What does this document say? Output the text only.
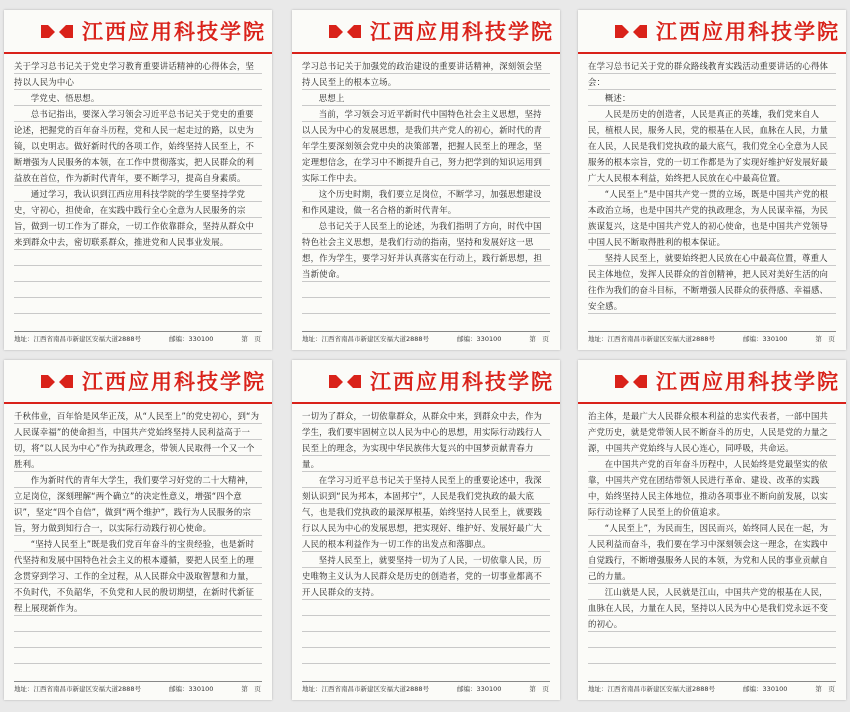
江西应用科技学院

关于学习总书记关于党史学习教育重要讲话精神的心得体会，坚持以人民为中心

学党史、悟思想。

总书记指出，要深入学习领会习近平总书记关于党史的重要论述，把握党的百年奋斗历程，党和人民一起走过的路，以史为镜，以史明志。做好新时代的各项工作，始终坚持人民至上，不断增强为人民服务的本领，在工作中贯彻落实，把人民群众的利益放在首位，作为新时代青年，要不断学习，提高自身素质。

通过学习，我认识到江西应用科技学院的学生要坚持学党史，守初心，担使命，在实践中践行全心全意为人民服务的宗旨，做到一切工作为了群众，一切工作依靠群众，坚持从群众中来到群众中去，密切联系群众，推进党和人民事业发展。

地址：江西省南昌市新建区安福大道2888号	邮编：330100	第　页
江西应用科技学院

学习总书记关于加强党的政治建设的重要讲话精神，深刻领会坚持人民至上的根本立场。

思想上

当前，学习领会习近平新时代中国特色社会主义思想，坚持以人民为中心的发展思想，是我们共产党人的初心，新时代的青年学生要深刻领会党中央的决策部署，把握人民至上的理念，坚定理想信念，在学习中不断提升自己，努力把学到的知识运用到实际工作中去。

这个历史时期，我们要立足岗位，不断学习，加强思想建设和作风建设，做一名合格的新时代青年。

总书记关于人民至上的论述，为我们指明了方向，时代中国特色社会主义思想，是我们行动的指南，坚持和发展好这一思想，作为学生，要学习好并认真落实在行动上，践行新思想，担当新使命。

地址：江西省南昌市新建区安福大道2888号	邮编：330100	第　页
江西应用科技学院

在学习总书记关于党的群众路线教育实践活动重要讲话的心得体会：

概述：

人民是历史的创造者，人民是真正的英雄，我们党来自人民，植根人民，服务人民，党的根基在人民，血脉在人民，力量在人民，人民是我们党执政的最大底气，我们党全心全意为人民服务的根本宗旨，党的一切工作都是为了实现好维护好发展好最广大人民根本利益，始终把人民放在心中最高位置。

“人民至上”是中国共产党一贯的立场，既是中国共产党的根本政治立场，也是中国共产党的执政理念，为人民谋幸福，为民族谋复兴，这是中国共产党人的初心使命，也是中国共产党领导中国人民不断取得胜利的根本保证。

坚持人民至上，就要始终把人民放在心中最高位置，尊重人民主体地位，发挥人民群众的首创精神，把人民对美好生活的向往作为我们的奋斗目标，不断增强人民群众的获得感、幸福感、安全感。

地址：江西省南昌市新建区安福大道2888号	邮编：330100	第　页
江西应用科技学院

千秋伟业，百年恰是风华正茂，从“人民至上”的党史初心，到“为人民谋幸福”的使命担当，中国共产党始终坚持人民利益高于一切，将“以人民为中心”作为执政理念，带领人民取得一个又一个胜利。

作为新时代的青年大学生，我们要学习好党的二十大精神，立足岗位，深刻理解“两个确立”的决定性意义，增强“四个意识”，坚定“四个自信”，做到“两个维护”，践行为人民服务的宗旨，努力做到知行合一，以实际行动践行初心使命。

“坚持人民至上”既是我们党百年奋斗的宝贵经验，也是新时代坚持和发展中国特色社会主义的根本遵循，要把人民至上的理念贯穿到学习、工作的全过程，从人民群众中汲取智慧和力量，不负时代，不负韶华，不负党和人民的殷切期望，在新时代新征程上展现新作为。

地址：江西省南昌市新建区安福大道2888号	邮编：330100	第　页
江西应用科技学院

一切为了群众，一切依靠群众，从群众中来，到群众中去，作为学生，我们要牢固树立以人民为中心的思想，用实际行动践行人民至上的理念，为实现中华民族伟大复兴的中国梦贡献青春力量。

在学习习近平总书记关于坚持人民至上的重要论述中，我深刻认识到“民为邦本，本固邦宁”，人民是我们党执政的最大底气，也是我们党执政的最深厚根基，始终坚持人民至上，就要践行以人民为中心的发展思想，把实现好、维护好、发展好最广大人民的根本利益作为一切工作的出发点和落脚点。

坚持人民至上，就要坚持一切为了人民，一切依靠人民，历史唯物主义认为人民群众是历史的创造者，党的一切事业都离不开人民群众的支持。

地址：江西省南昌市新建区安福大道2888号	邮编：330100	第　页
江西应用科技学院

治主体，是最广大人民群众根本利益的忠实代表者，一部中国共产党历史，就是党带领人民不断奋斗的历史，人民是党的力量之源，中国共产党始终与人民心连心，同呼吸，共命运。

在中国共产党的百年奋斗历程中，人民始终是党最坚实的依靠，中国共产党在团结带领人民进行革命、建设、改革的实践中，始终坚持人民主体地位，推动各项事业不断向前发展，以实际行动诠释了人民至上的价值追求。

“人民至上”，为民而生，因民而兴，始终同人民在一起，为人民利益而奋斗，我们要在学习中深刻领会这一理念，在实践中自觉践行，不断增强服务人民的本领，为党和人民的事业贡献自己的力量。

江山就是人民，人民就是江山，中国共产党的根基在人民，血脉在人民，力量在人民，坚持以人民为中心是我们党永远不变的初心。

地址：江西省南昌市新建区安福大道2888号	邮编：330100	第　页
